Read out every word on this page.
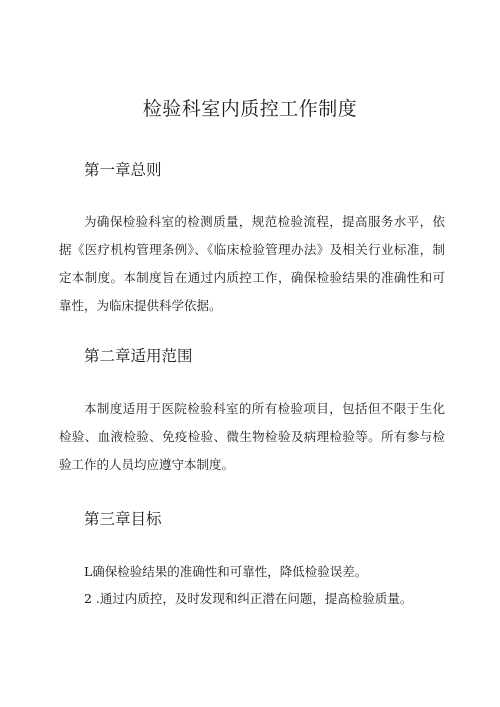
检验科室内质控工作制度
第一章总则
为确保检验科室的检测质量，规范检验流程，提高服务水平，依据《医疗机构管理条例》、《临床检验管理办法》及相关行业标准，制定本制度。本制度旨在通过内质控工作，确保检验结果的准确性和可靠性，为临床提供科学依据。
第二章适用范围
本制度适用于医院检验科室的所有检验项目，包括但不限于生化检验、血液检验、免疫检验、微生物检验及病理检验等。所有参与检验工作的人员均应遵守本制度。
第三章目标
L确保检验结果的准确性和可靠性，降低检验误差。
2 .通过内质控，及时发现和纠正潜在问题，提高检验质量。
